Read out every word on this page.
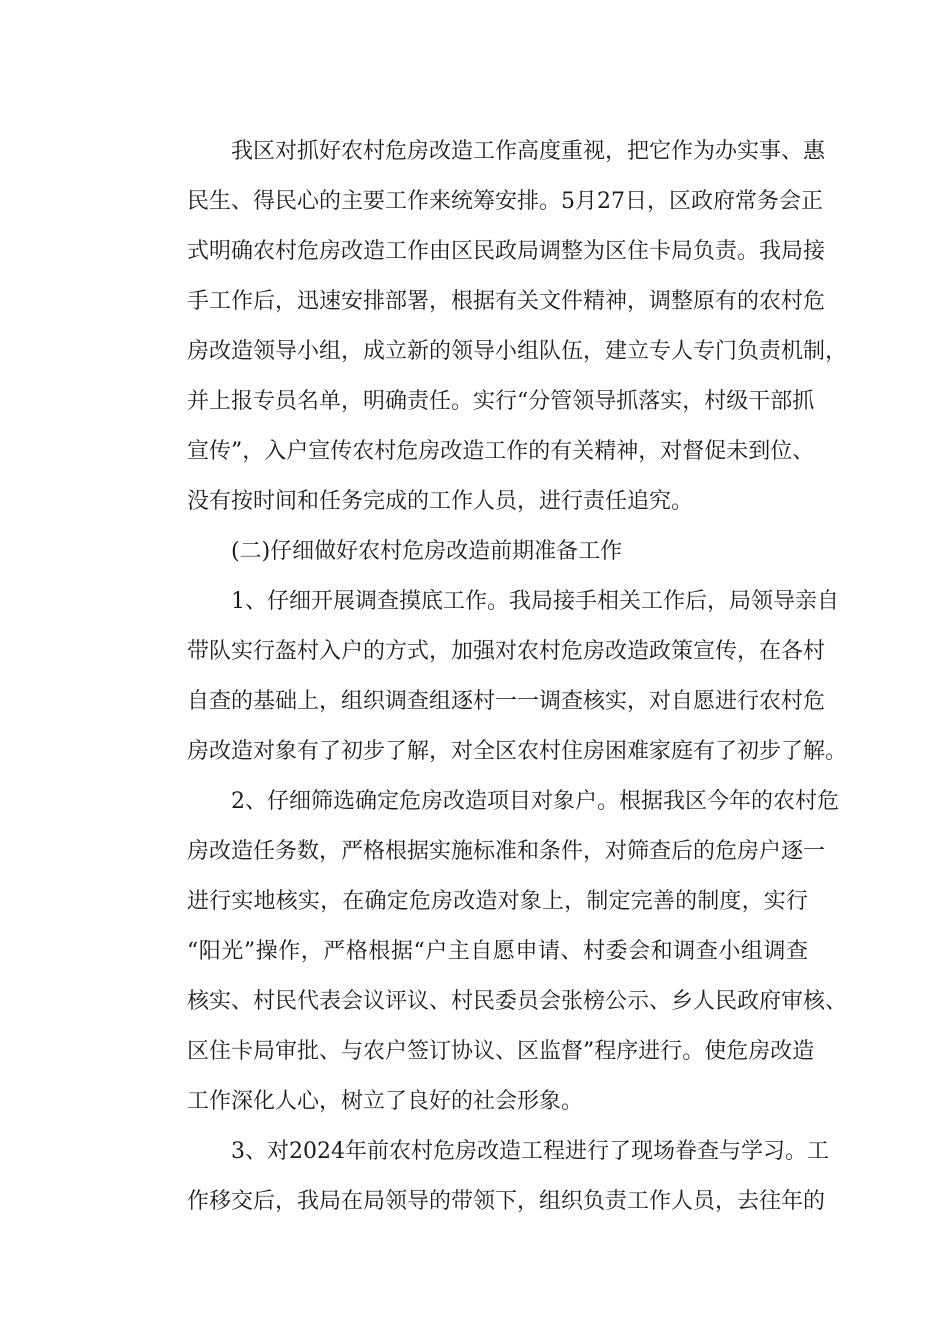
我区对抓好农村危房改造工作高度重视，把它作为办实事、惠
民生、得民心的主要工作来统筹安排。5月27日，区政府常务会正
式明确农村危房改造工作由区民政局调整为区住卡局负责。我局接
手工作后，迅速安排部署，根据有关文件精神，调整原有的农村危
房改造领导小组，成立新的领导小组队伍，建立专人专门负责机制，
并上报专员名单，明确责任。实行“分管领导抓落实，村级干部抓
宣传”，入户宣传农村危房改造工作的有关精神，对督促未到位、
没有按时间和任务完成的工作人员，进行责任追究。
(二)仔细做好农村危房改造前期准备工作
1、仔细开展调查摸底工作。我局接手相关工作后，局领导亲自
带队实行盔村入户的方式，加强对农村危房改造政策宣传，在各村
自查的基础上，组织调查组逐村一一调查核实，对自愿进行农村危
房改造对象有了初步了解，对全区农村住房困难家庭有了初步了解。
2、仔细筛选确定危房改造项目对象户。根据我区今年的农村危
房改造任务数，严格根据实施标准和条件，对筛查后的危房户逐一
进行实地核实，在确定危房改造对象上，制定完善的制度，实行
“阳光”操作，严格根据“户主自愿申请、村委会和调查小组调查
核实、村民代表会议评议、村民委员会张榜公示、乡人民政府审核、
区住卡局审批、与农户签订协议、区监督”程序进行。使危房改造
工作深化人心，树立了良好的社会形象。
3、对2024年前农村危房改造工程进行了现场眷查与学习。工
作移交后，我局在局领导的带领下，组织负责工作人员，去往年的
